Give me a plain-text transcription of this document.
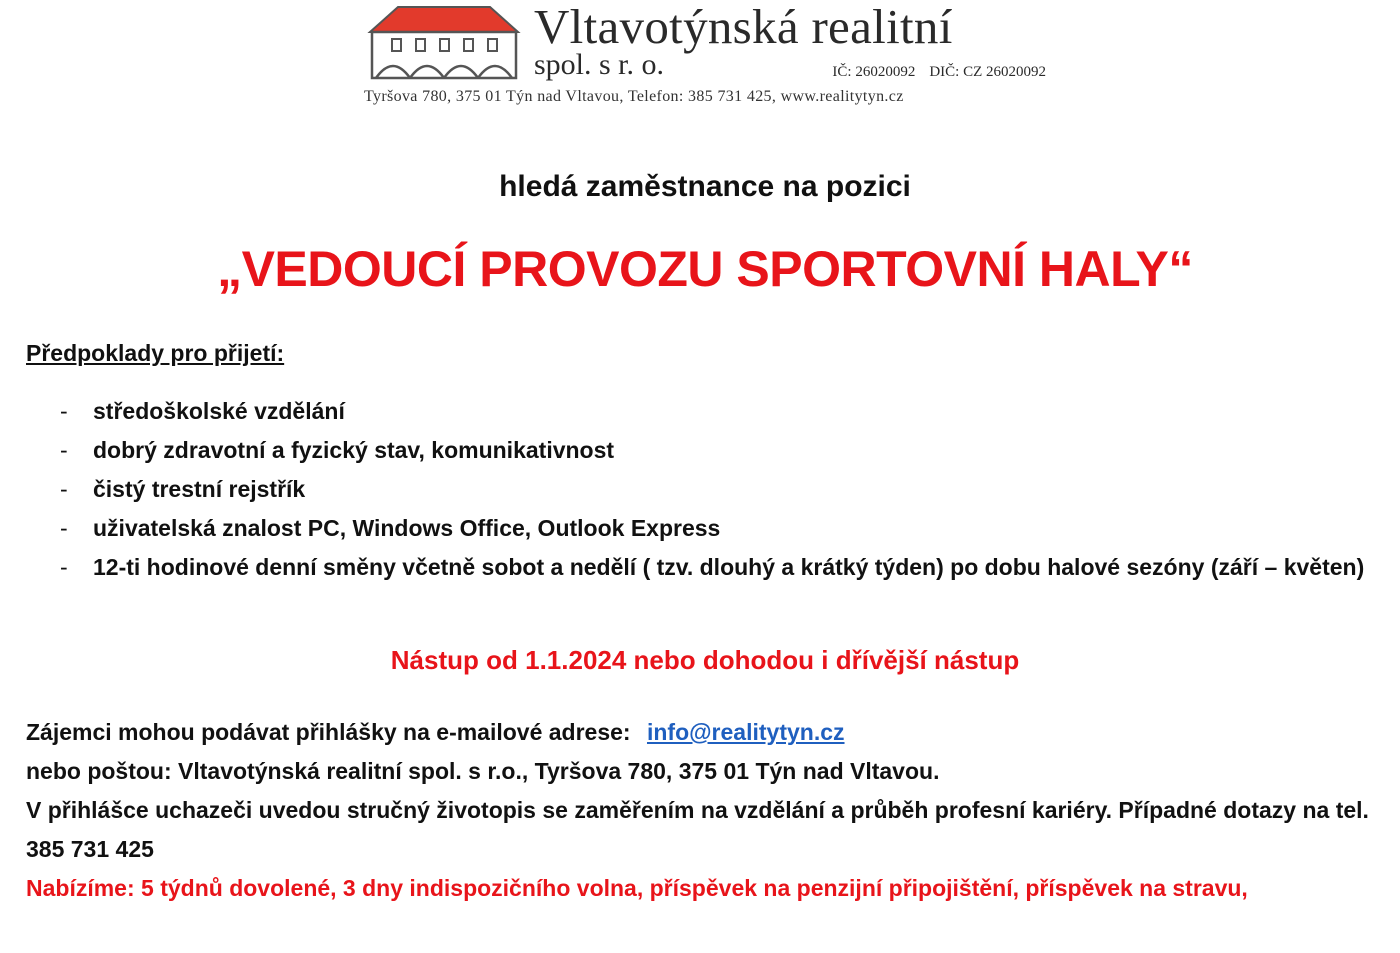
Vltavotýnská realitní
spol. s r. o.	IČ: 26020092 DIČ: CZ 26020092
Tyršova 780, 375 01 Týn nad Vltavou, Telefon: 385 731 425, www.realitytyn.cz
hledá zaměstnance na pozici
„VEDOUCÍ PROVOZU SPORTOVNÍ HALY“
Předpoklady pro přijetí:
- středoškolské vzdělání
- dobrý zdravotní a fyzický stav, komunikativnost
- čistý trestní rejstřík
- uživatelská znalost PC, Windows Office, Outlook Express
- 12-ti hodinové denní směny včetně sobot a nedělí ( tzv. dlouhý a krátký týden) po dobu halové sezóny (září – květen)
Nástup od 1.1.2024 nebo dohodou i dřívější nástup

Zájemci mohou podávat přihlášky na e-mailové adrese: info@realitytyn.cz

nebo poštou: Vltavotýnská realitní spol. s r.o., Tyršova 780, 375 01 Týn nad Vltavou.

V přihlášce uchazeči uvedou stručný životopis se zaměřením na vzdělání a průběh profesní kariéry. Případné dotazy na tel. 385 731 425

Nabízíme: 5 týdnů dovolené, 3 dny indispozičního volna, příspěvek na penzijní připojištění, příspěvek na stravu,
